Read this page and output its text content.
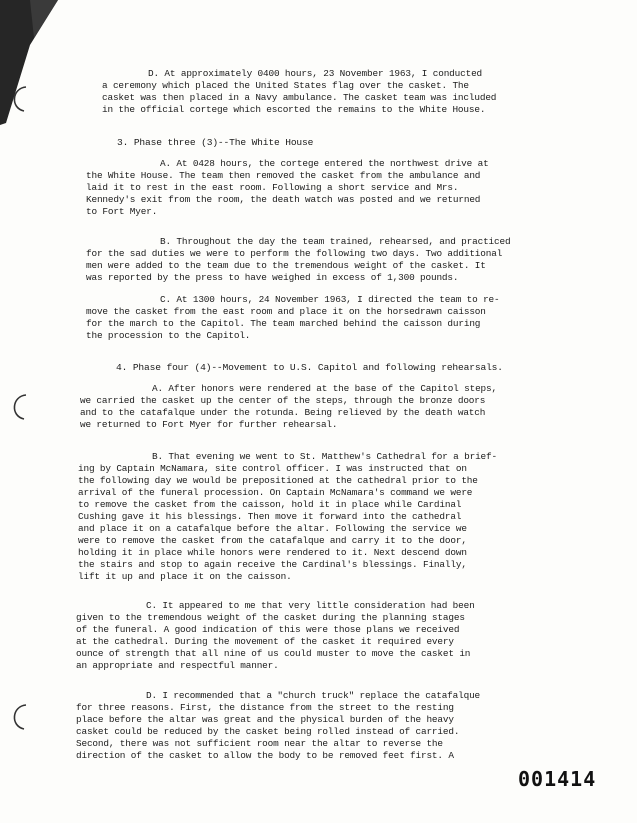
D. At approximately 0400 hours, 23 November 1963, I conducted
a ceremony which placed the United States flag over the casket. The
casket was then placed in a Navy ambulance. The casket team was included
in the official cortege which escorted the remains to the White House.
3. Phase three (3)--The White House
A. At 0428 hours, the cortege entered the northwest drive at
the White House. The team then removed the casket from the ambulance and
laid it to rest in the east room. Following a short service and Mrs.
Kennedy's exit from the room, the death watch was posted and we returned
to Fort Myer.
B. Throughout the day the team trained, rehearsed, and practiced
for the sad duties we were to perform the following two days. Two additional
men were added to the team due to the tremendous weight of the casket. It
was reported by the press to have weighed in excess of 1,300 pounds.
C. At 1300 hours, 24 November 1963, I directed the team to re-
move the casket from the east room and place it on the horsedrawn caisson
for the march to the Capitol. The team marched behind the caisson during
the procession to the Capitol.
4. Phase four (4)--Movement to U.S. Capitol and following rehearsals.
A. After honors were rendered at the base of the Capitol steps,
we carried the casket up the center of the steps, through the bronze doors
and to the catafalque under the rotunda. Being relieved by the death watch
we returned to Fort Myer for further rehearsal.
B. That evening we went to St. Matthew's Cathedral for a brief-
ing by Captain McNamara, site control officer. I was instructed that on
the following day we would be prepositioned at the cathedral prior to the
arrival of the funeral procession. On Captain McNamara's command we were
to remove the casket from the caisson, hold it in place while Cardinal
Cushing gave it his blessings. Then move it forward into the cathedral
and place it on a catafalque before the altar. Following the service we
were to remove the casket from the catafalque and carry it to the door,
holding it in place while honors were rendered to it. Next descend down
the stairs and stop to again receive the Cardinal's blessings. Finally,
lift it up and place it on the caisson.
C. It appeared to me that very little consideration had been
given to the tremendous weight of the casket during the planning stages
of the funeral. A good indication of this were those plans we received
at the cathedral. During the movement of the casket it required every
ounce of strength that all nine of us could muster to move the casket in
an appropriate and respectful manner.
D. I recommended that a "church truck" replace the catafalque
for three reasons. First, the distance from the street to the resting
place before the altar was great and the physical burden of the heavy
casket could be reduced by the casket being rolled instead of carried.
Second, there was not sufficient room near the altar to reverse the
direction of the casket to allow the body to be removed feet first. A
001414
